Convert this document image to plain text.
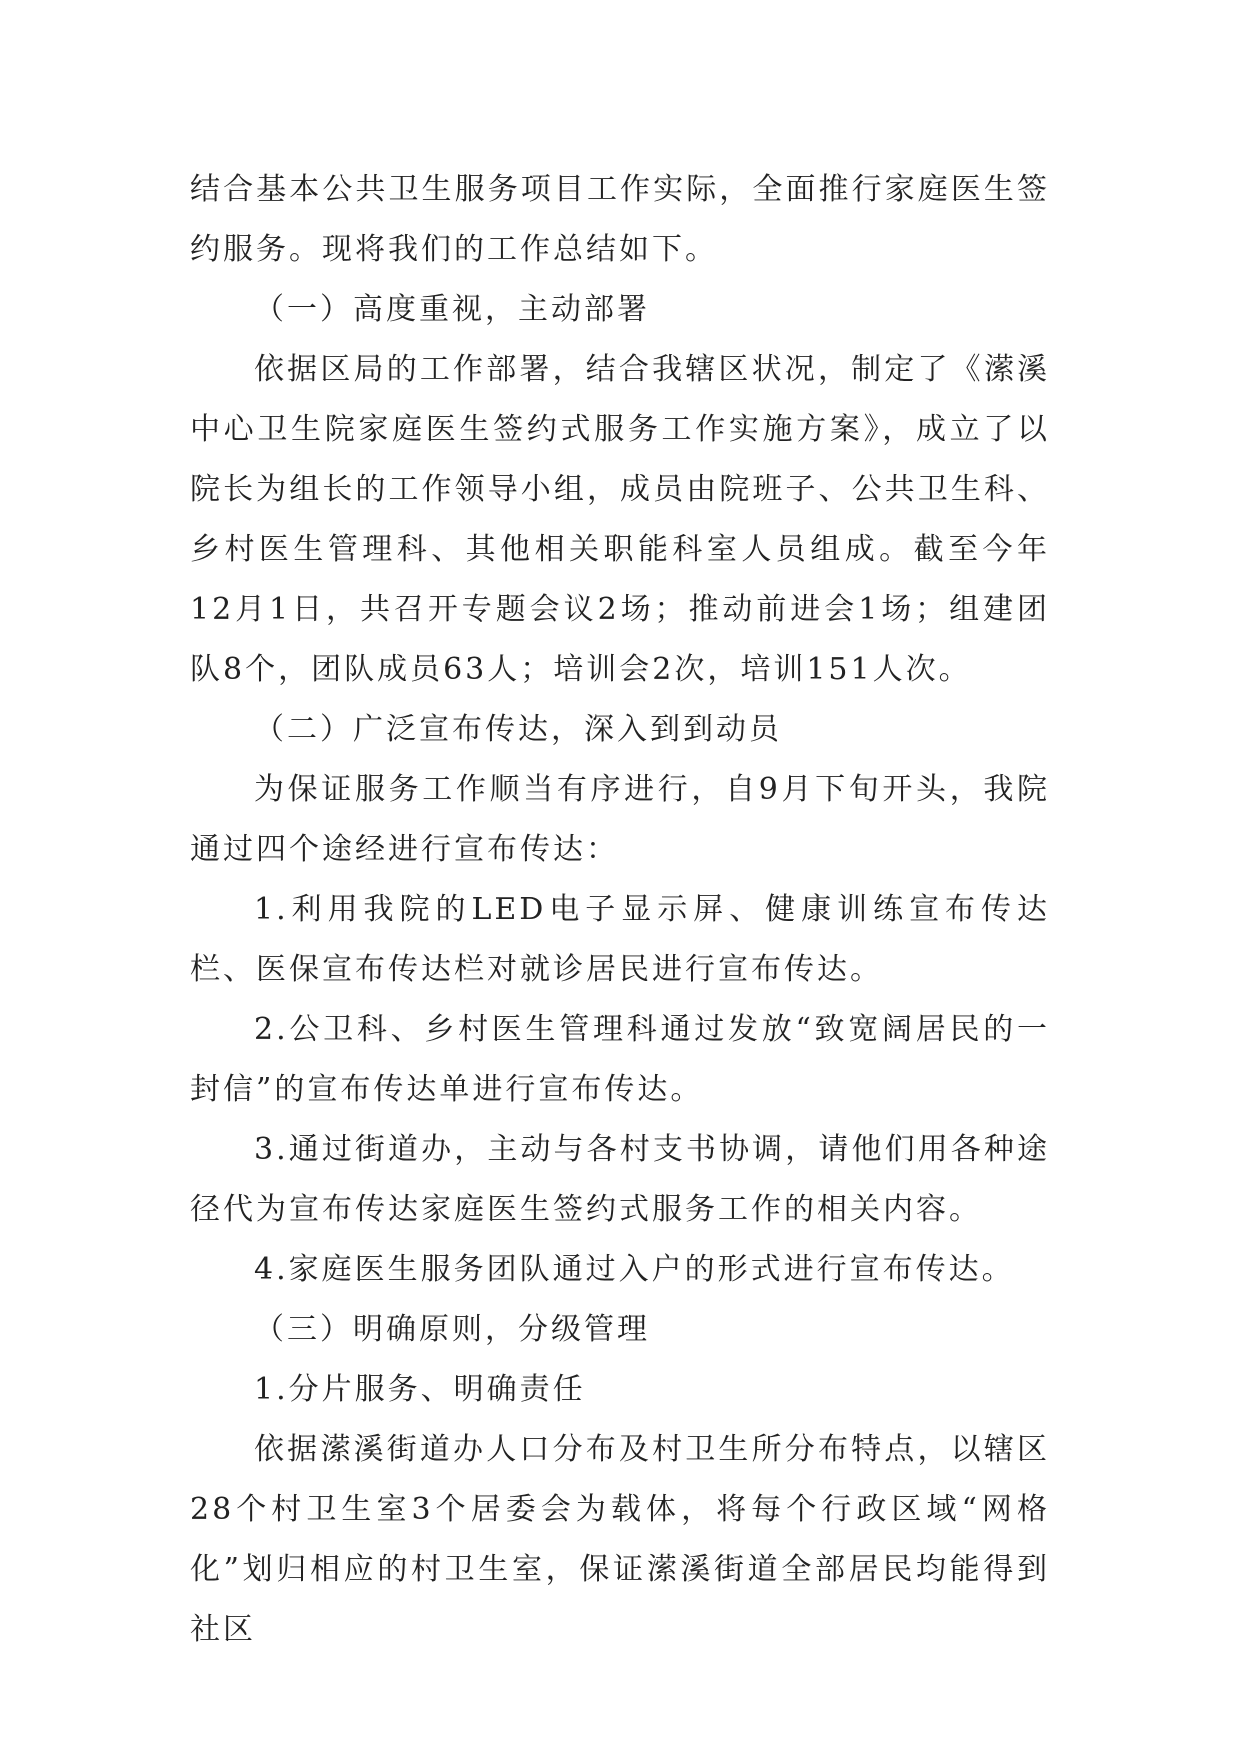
结合基本公共卫生服务项目工作实际，全面推行家庭医生签约服务。现将我们的工作总结如下。

（一）高度重视，主动部署

依据区局的工作部署，结合我辖区状况，制定了《潆溪中心卫生院家庭医生签约式服务工作实施方案》，成立了以院长为组长的工作领导小组，成员由院班子、公共卫生科、乡村医生管理科、其他相关职能科室人员组成。截至今年12月1日，共召开专题会议2场；推动前进会1场；组建团队8个，团队成员63人；培训会2次，培训151人次。

（二）广泛宣布传达，深入到到动员

为保证服务工作顺当有序进行，自9月下旬开头，我院通过四个途经进行宣布传达：

1.利用我院的LED电子显示屏、健康训练宣布传达栏、医保宣布传达栏对就诊居民进行宣布传达。

2.公卫科、乡村医生管理科通过发放“致宽阔居民的一封信”的宣布传达单进行宣布传达。

3.通过街道办，主动与各村支书协调，请他们用各种途径代为宣布传达家庭医生签约式服务工作的相关内容。

4.家庭医生服务团队通过入户的形式进行宣布传达。

（三）明确原则，分级管理

1.分片服务、明确责任

依据潆溪街道办人口分布及村卫生所分布特点，以辖区28个村卫生室3个居委会为载体，将每个行政区域“网格化”划归相应的村卫生室，保证潆溪街道全部居民均能得到社区
